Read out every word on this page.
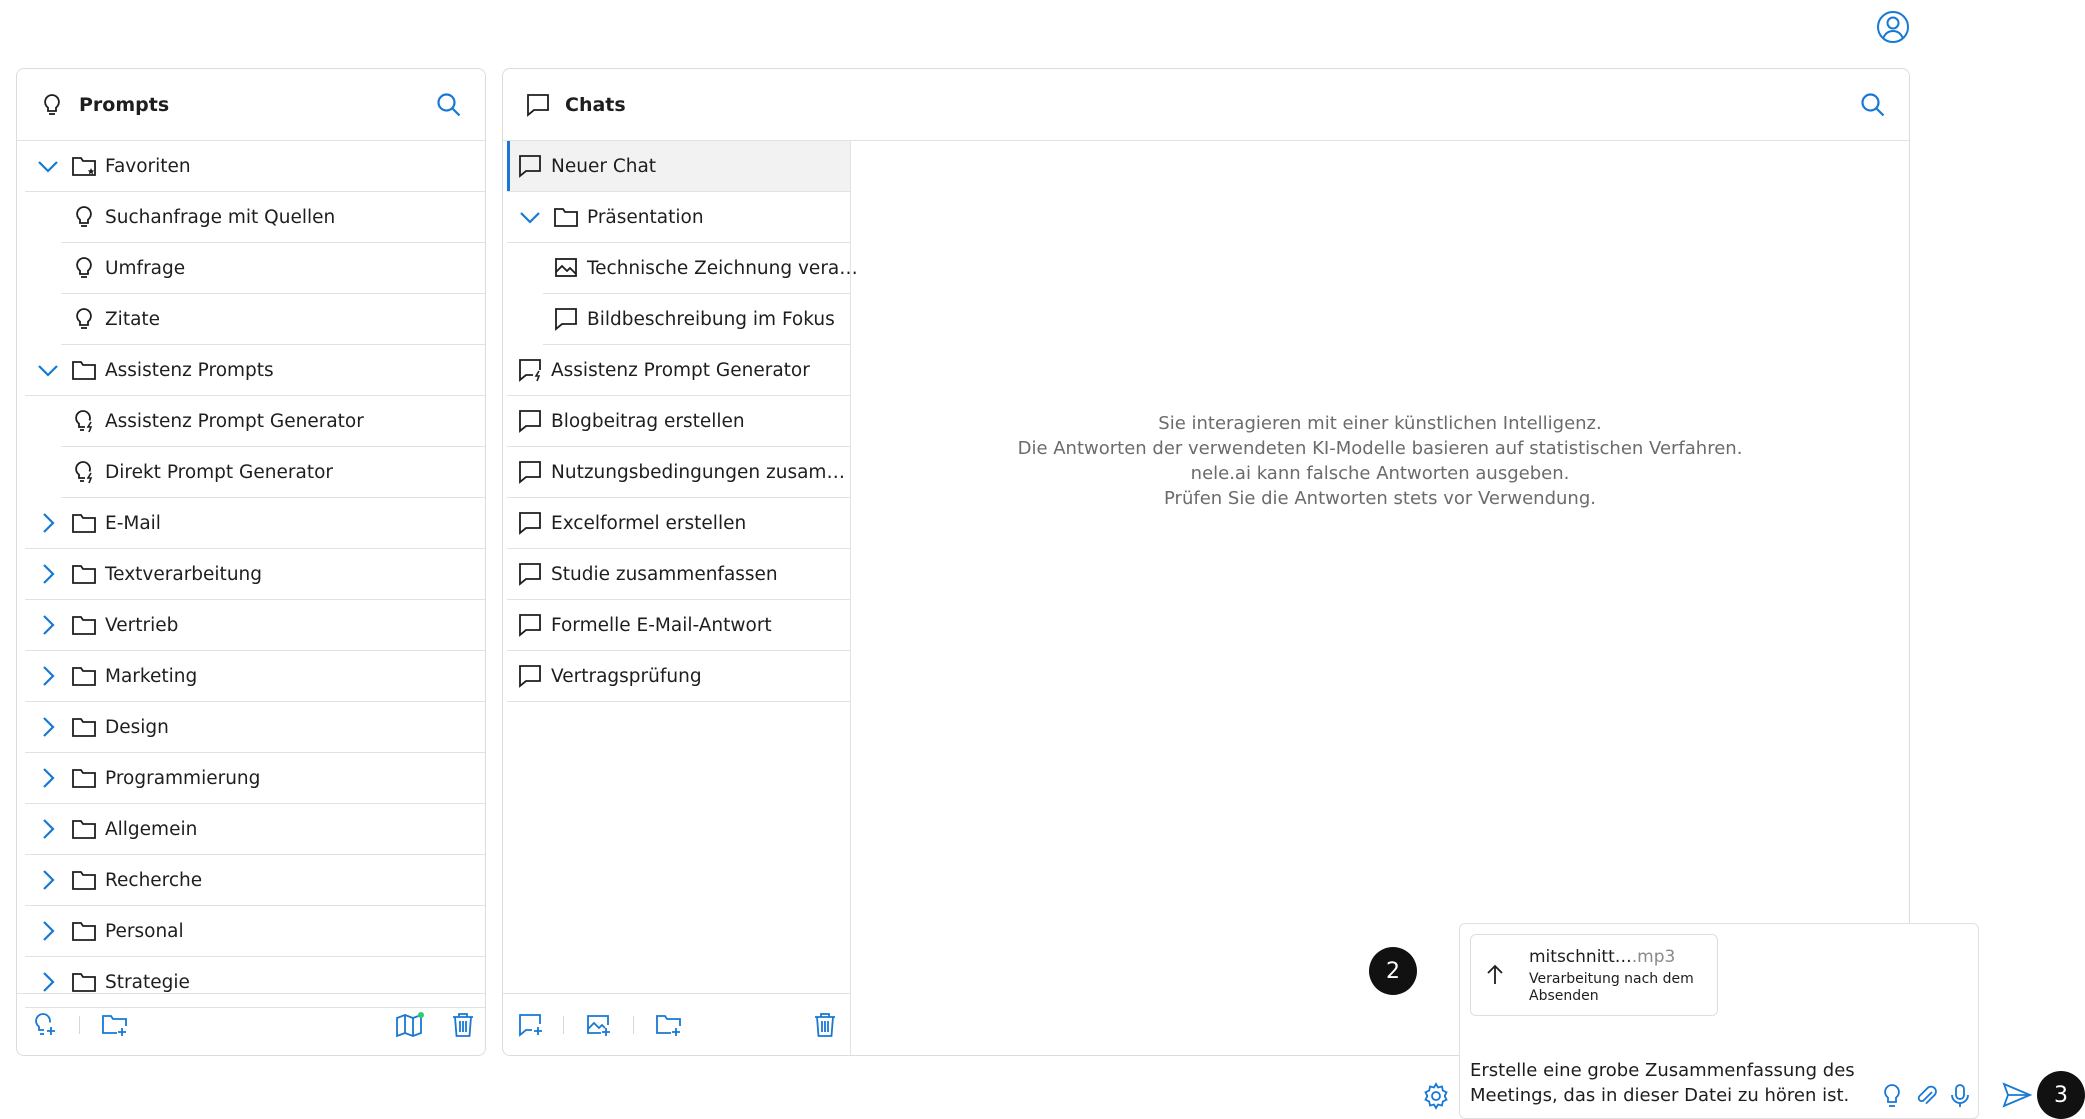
Prompts
Favoriten
Suchanfrage mit Quellen
Umfrage
Zitate
Assistenz Prompts
Assistenz Prompt Generator
Direkt Prompt Generator
E-Mail
Textverarbeitung
Vertrieb
Marketing
Design
Programmierung
Allgemein
Recherche
Personal
Strategie
Chats
Neuer Chat
Präsentation
Technische Zeichnung vera…
Bildbeschreibung im Fokus
Assistenz Prompt Generator
Blogbeitrag erstellen
Nutzungsbedingungen zusam…
Excelformel erstellen
Studie zusammenfassen
Formelle E-Mail-Antwort
Vertragsprüfung
Sie interagieren mit einer künstlichen Intelligenz.
Die Antworten der verwendeten KI-Modelle basieren auf statistischen Verfahren.
nele.ai kann falsche Antworten ausgeben.
Prüfen Sie die Antworten stets vor Verwendung.
2
mitschnitt….mp3
Verarbeitung nach dem Absenden
Erstelle eine grobe Zusammenfassung des Meetings, das in dieser Datei zu hören ist.	3
